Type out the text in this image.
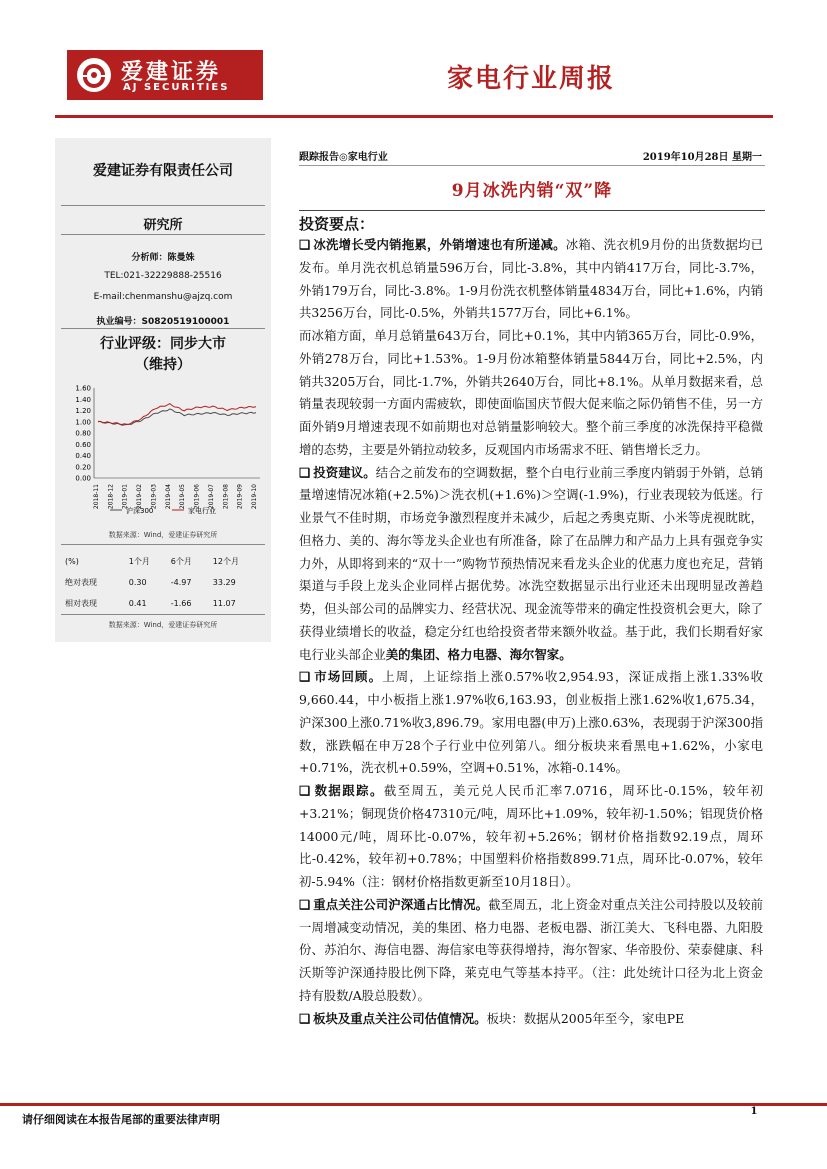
爱建证券
AJ SECURITIES	家电行业周报
爱建证券有限责任公司
研究所
分析师：陈曼姝
TEL:021-32229888-25516
E-mail:chenmanshu@ajzq.com
执业编号：S0820519100001
行业评级：同步大市
（维持）
1.60
1.40
1.20
1.00
0.80
0.60
0.40
0.20
0.00
2018-11 2018-12 2019-01 2019-02 2019-03 2019-04 2019-05 2019-06 2019-07 2019-08 2019-09 2019-10
沪深300	家电行业
数据来源：Wind，爱建证券研究所
(%)	1个月	6个月	12个月
绝对表现	0.30	-4.97	33.29
相对表现	0.41	-1.66	11.07
数据来源：Wind，爱建证券研究所
跟踪报告◎家电行业	2019年10月28日 星期一
9月冰洗内销“双”降
投资要点：

❑ 冰洗增长受内销拖累，外销增速也有所递减。冰箱、洗衣机9月份的出货数据均已发布。单月洗衣机总销量596万台，同比-3.8%，其中内销417万台，同比-3.7%，外销179万台，同比-3.8%。1-9月份洗衣机整体销量4834万台，同比+1.6%，内销共3256万台，同比-0.5%，外销共1577万台，同比+6.1%。

而冰箱方面，单月总销量643万台，同比+0.1%，其中内销365万台，同比-0.9%，外销278万台，同比+1.53%。1-9月份冰箱整体销量5844万台，同比+2.5%，内销共3205万台，同比-1.7%，外销共2640万台，同比+8.1%。从单月数据来看，总销量表现较弱一方面内需疲软，即使面临国庆节假大促来临之际仍销售不佳，另一方面外销9月增速表现不如前期也对总销量影响较大。整个前三季度的冰洗保持平稳微增的态势，主要是外销拉动较多，反观国内市场需求不旺、销售增长乏力。

❑ 投资建议。结合之前发布的空调数据，整个白电行业前三季度内销弱于外销，总销量增速情况冰箱(+2.5%)＞洗衣机(+1.6%)＞空调(-1.9%)，行业表现较为低迷。行业景气不佳时期，市场竞争激烈程度并未减少，后起之秀奥克斯、小米等虎视眈眈，但格力、美的、海尔等龙头企业也有所准备，除了在品牌力和产品力上具有强竞争实力外，从即将到来的“双十一”购物节预热情况来看龙头企业的优惠力度也充足，营销渠道与手段上龙头企业同样占据优势。冰洗空数据显示出行业还未出现明显改善趋势，但头部公司的品牌实力、经营状况、现金流等带来的确定性投资机会更大，除了获得业绩增长的收益，稳定分红也给投资者带来额外收益。基于此，我们长期看好家电行业头部企业美的集团、格力电器、海尔智家。

❑ 市场回顾。上周，上证综指上涨0.57%收2,954.93，深证成指上涨1.33%收9,660.44，中小板指上涨1.97%收6,163.93，创业板指上涨1.62%收1,675.34，沪深300上涨0.71%收3,896.79。家用电器(申万)上涨0.63%，表现弱于沪深300指数，涨跌幅在申万28个子行业中位列第八。细分板块来看黑电+1.62%，小家电+0.71%，洗衣机+0.59%，空调+0.51%，冰箱-0.14%。

❑ 数据跟踪。截至周五，美元兑人民币汇率7.0716，周环比-0.15%，较年初+3.21%；铜现货价格47310元/吨，周环比+1.09%，较年初-1.50%；铝现货价格14000元/吨，周环比-0.07%，较年初+5.26%；钢材价格指数92.19点，周环比-0.42%，较年初+0.78%；中国塑料价格指数899.71点，周环比-0.07%，较年初-5.94%（注：钢材价格指数更新至10月18日）。

❑ 重点关注公司沪深通占比情况。截至周五，北上资金对重点关注公司持股以及较前一周增减变动情况，美的集团、格力电器、老板电器、浙江美大、飞科电器、九阳股份、苏泊尔、海信电器、海信家电等获得增持，海尔智家、华帝股份、荣泰健康、科沃斯等沪深通持股比例下降，莱克电气等基本持平。（注：此处统计口径为北上资金持有股数/A股总股数）。

❑ 板块及重点关注公司估值情况。板块：数据从2005年至今，家电PE

请仔细阅读在本报告尾部的重要法律声明
1
